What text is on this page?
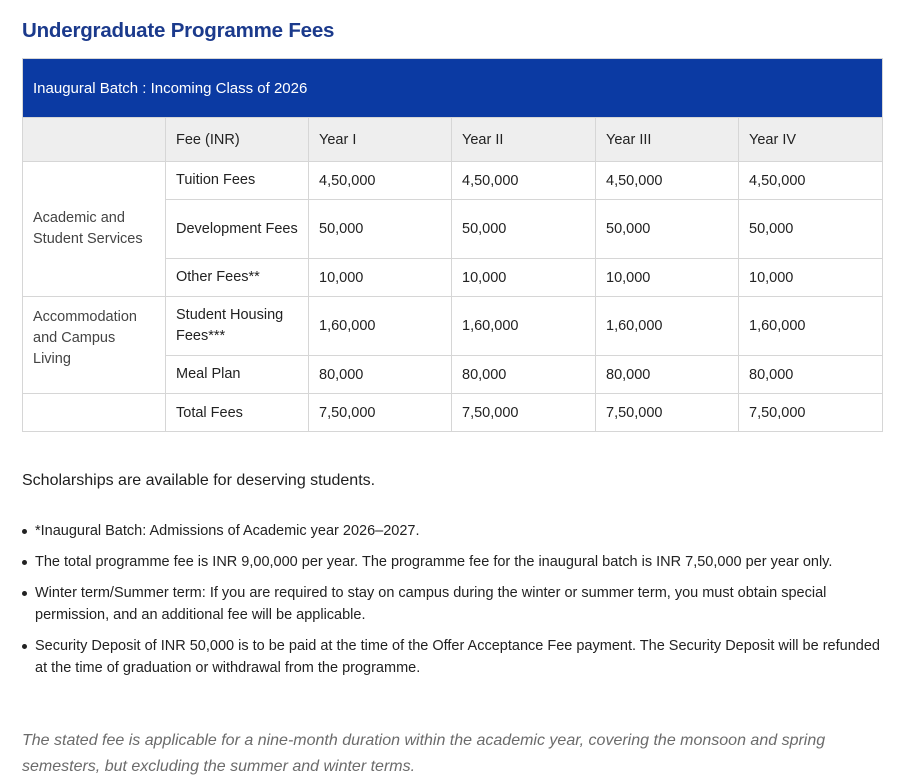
Undergraduate Programme Fees
Inaugural Batch : Incoming Class of 2026					
	Fee (INR)	Year I	Year II	Year III	Year IV
Academic and Student Services	Tuition Fees	4,50,000	4,50,000	4,50,000	4,50,000
	Development Fees	50,000	50,000	50,000	50,000
	Other Fees**	10,000	10,000	10,000	10,000
Accommodation and Campus Living	Student Housing Fees***	1,60,000	1,60,000	1,60,000	1,60,000
	Meal Plan	80,000	80,000	80,000	80,000
	Total Fees	7,50,000	7,50,000	7,50,000	7,50,000
Scholarships are available for deserving students.
*Inaugural Batch: Admissions of Academic year 2026–2027.
The total programme fee is INR 9,00,000 per year. The programme fee for the inaugural batch is INR 7,50,000 per year only.
Winter term/Summer term: If you are required to stay on campus during the winter or summer term, you must obtain special permission, and an additional fee will be applicable.
Security Deposit of INR 50,000 is to be paid at the time of the Offer Acceptance Fee payment. The Security Deposit will be refunded at the time of graduation or withdrawal from the programme.
The stated fee is applicable for a nine-month duration within the academic year, covering the monsoon and spring semesters, but excluding the summer and winter terms.
